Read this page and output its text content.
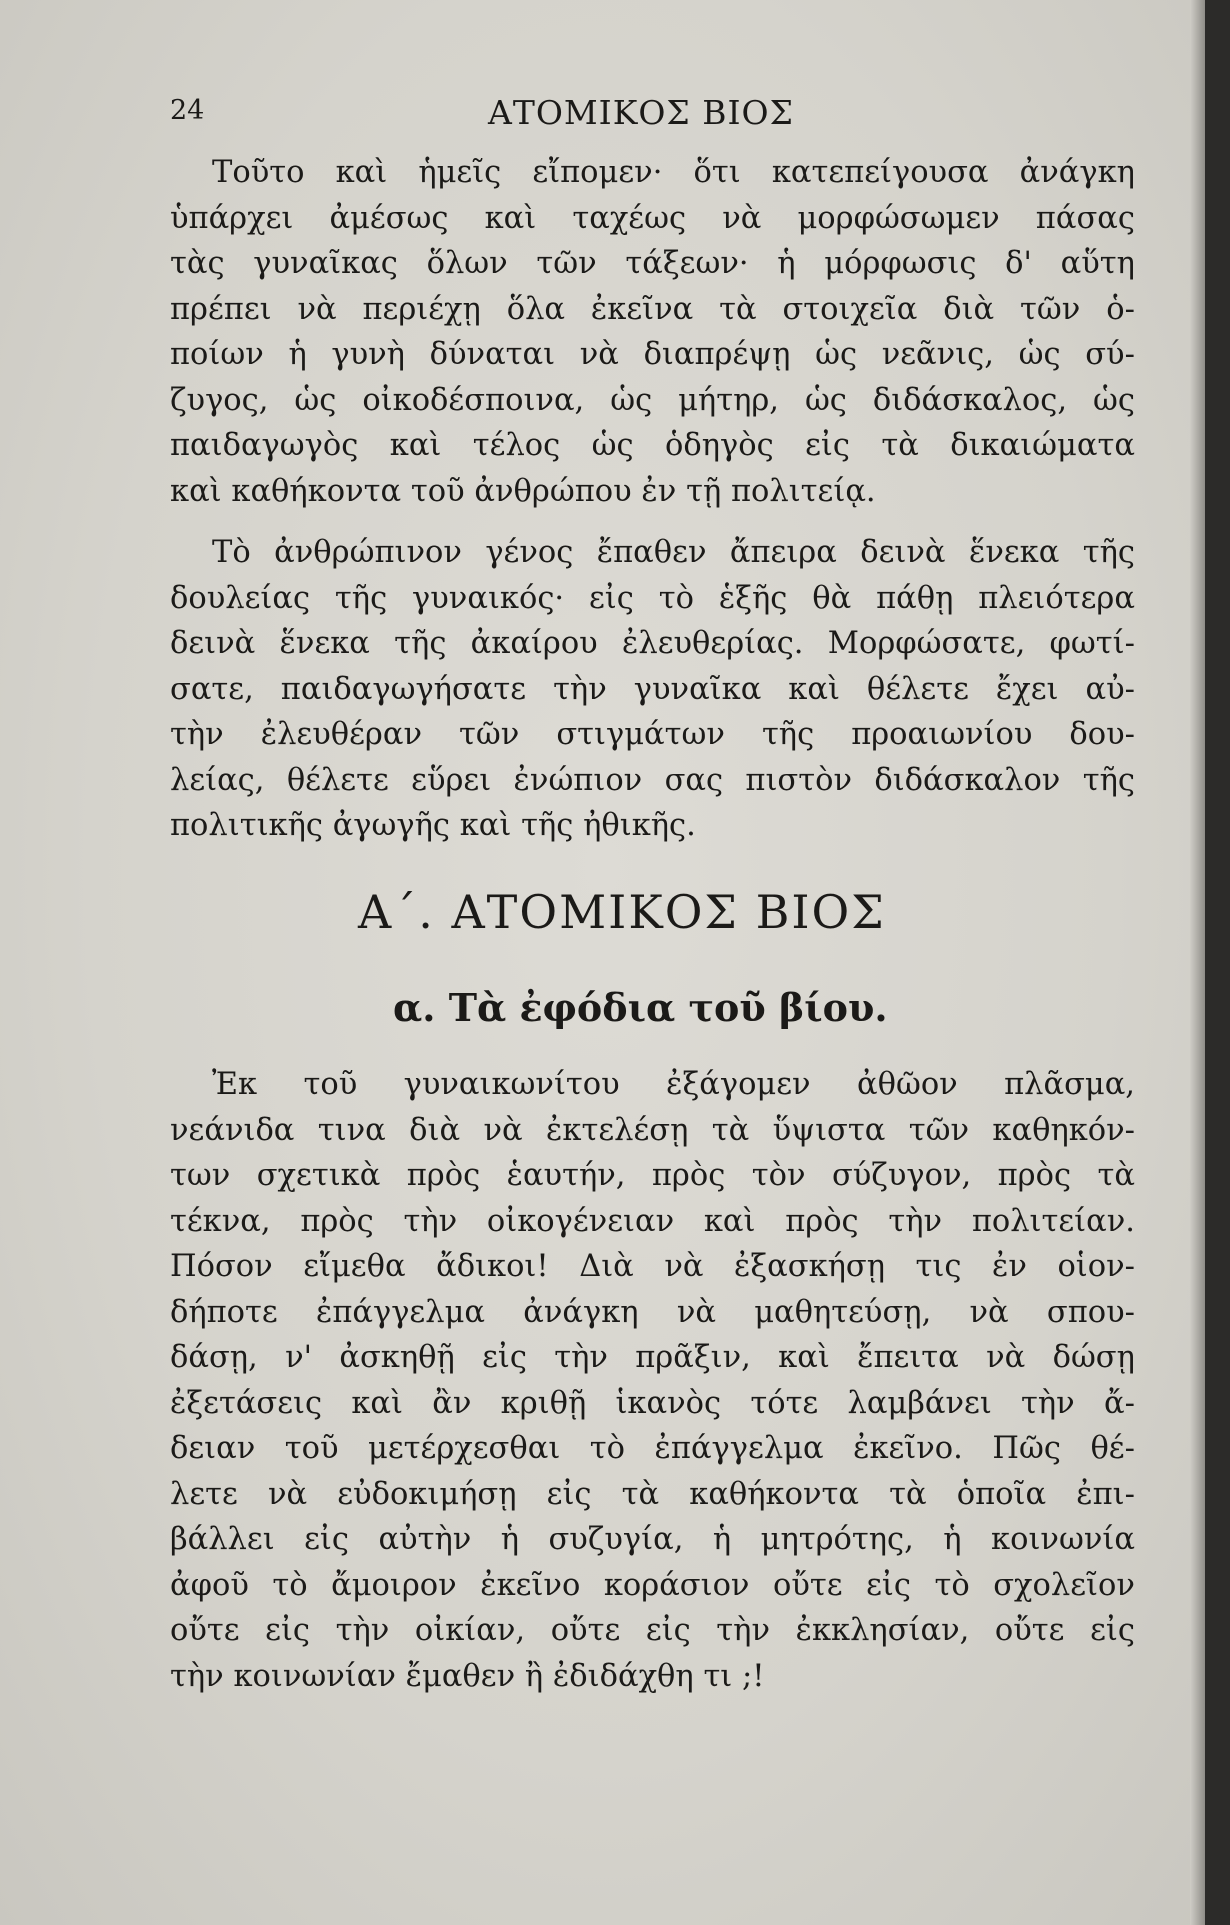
24	ΑΤΟΜΙΚΟΣ ΒΙΟΣ
Τοῦτο καὶ ἡμεῖς εἴπομεν· ὅτι κατεπείγουσα ἀνάγκη
ὑπάρχει ἀμέσως καὶ ταχέως νὰ μορφώσωμεν πάσας
τὰς γυναῖκας ὅλων τῶν τάξεων· ἡ μόρφωσις δ' αὕτη
πρέπει νὰ περιέχῃ ὅλα ἐκεῖνα τὰ στοιχεῖα διὰ τῶν ὁ-
ποίων ἡ γυνὴ δύναται νὰ διαπρέψῃ ὡς νεᾶνις, ὡς σύ-
ζυγος, ὡς οἰκοδέσποινα, ὡς μήτηρ, ὡς διδάσκαλος, ὡς
παιδαγωγὸς καὶ τέλος ὡς ὁδηγὸς εἰς τὰ δικαιώματα
καὶ καθήκοντα τοῦ ἀνθρώπου ἐν τῇ πολιτείᾳ.
Τὸ ἀνθρώπινον γένος ἔπαθεν ἄπειρα δεινὰ ἕνεκα τῆς
δουλείας τῆς γυναικός· εἰς τὸ ἑξῆς θὰ πάθῃ πλειότερα
δεινὰ ἕνεκα τῆς ἀκαίρου ἐλευθερίας. Μορφώσατε, φωτί-
σατε, παιδαγωγήσατε τὴν γυναῖκα καὶ θέλετε ἔχει αὐ-
τὴν ἐλευθέραν τῶν στιγμάτων τῆς προαιωνίου δου-
λείας, θέλετε εὕρει ἐνώπιον σας πιστὸν διδάσκαλον τῆς
πολιτικῆς ἀγωγῆς καὶ τῆς ἠθικῆς.
Α΄. ΑΤΟΜΙΚΟΣ ΒΙΟΣ
α. Τὰ ἐφόδια τοῦ βίου.
Ἐκ τοῦ γυναικωνίτου ἐξάγομεν ἀθῶον πλᾶσμα,
νεάνιδα τινα διὰ νὰ ἐκτελέσῃ τὰ ὕψιστα τῶν καθηκόν-
των σχετικὰ πρὸς ἑαυτήν, πρὸς τὸν σύζυγον, πρὸς τὰ
τέκνα, πρὸς τὴν οἰκογένειαν καὶ πρὸς τὴν πολιτείαν.
Πόσον εἴμεθα ἄδικοι! Διὰ νὰ ἐξασκήσῃ τις ἐν οἱον-
δήποτε ἐπάγγελμα ἀνάγκη νὰ μαθητεύσῃ, νὰ σπου-
δάσῃ, ν' ἀσκηθῇ εἰς τὴν πρᾶξιν, καὶ ἔπειτα νὰ δώσῃ
ἐξετάσεις καὶ ἂν κριθῇ ἱκανὸς τότε λαμβάνει τὴν ἄ-
δειαν τοῦ μετέρχεσθαι τὸ ἐπάγγελμα ἐκεῖνο. Πῶς θέ-
λετε νὰ εὐδοκιμήσῃ εἰς τὰ καθήκοντα τὰ ὁποῖα ἐπι-
βάλλει εἰς αὐτὴν ἡ συζυγία, ἡ μητρότης, ἡ κοινωνία
ἀφοῦ τὸ ἄμοιρον ἐκεῖνο κοράσιον οὔτε εἰς τὸ σχολεῖον
οὔτε εἰς τὴν οἰκίαν, οὔτε εἰς τὴν ἐκκλησίαν, οὔτε εἰς
τὴν κοινωνίαν ἔμαθεν ἢ ἐδιδάχθη τι ;!
